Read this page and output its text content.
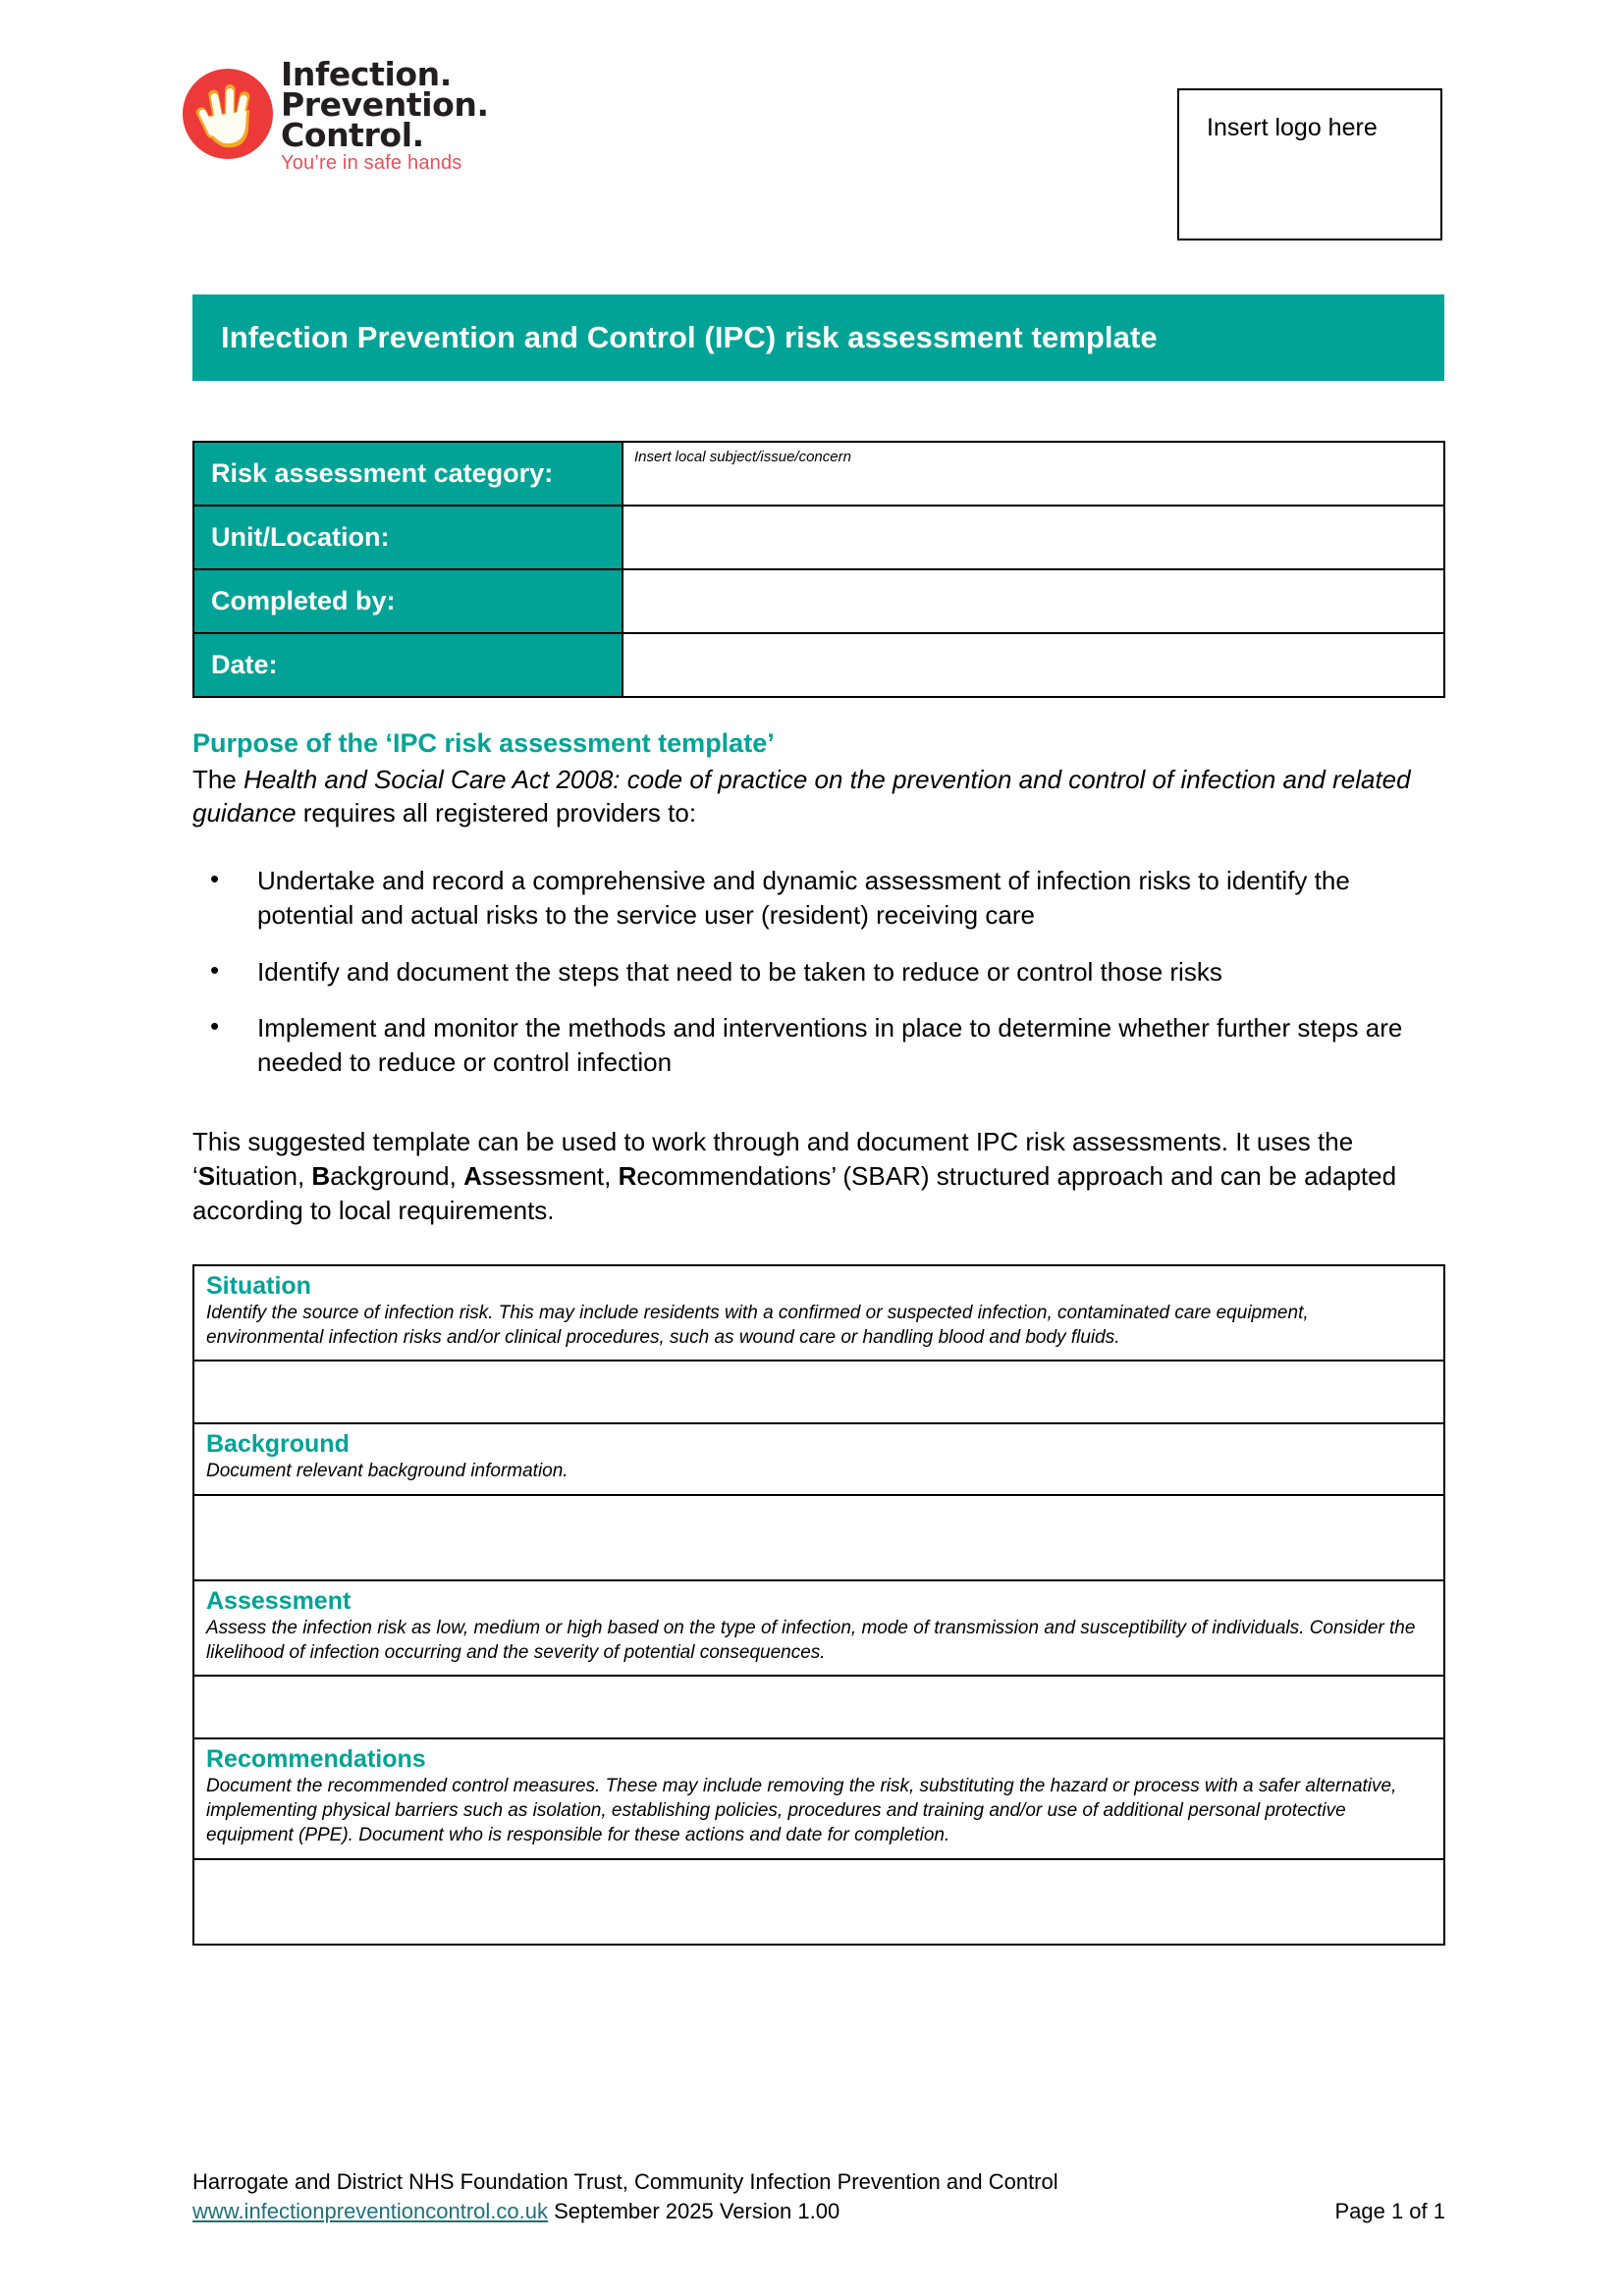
Infection.
Prevention.
Control.
You’re in safe hands
Insert logo here
Infection Prevention and Control (IPC) risk assessment template
Risk assessment category:	Insert local subject/issue/concern

Unit/Location:	

Completed by:	

Date:	

Purpose of the ‘IPC risk assessment template’

The Health and Social Care Act 2008: code of practice on the prevention and control of infection and related guidance requires all registered providers to:

• Undertake and record a comprehensive and dynamic assessment of infection risks to identify the potential and actual risks to the service user (resident) receiving care
• Identify and document the steps that need to be taken to reduce or control those risks
• Implement and monitor the methods and interventions in place to determine whether further steps are needed to reduce or control infection

This suggested template can be used to work through and document IPC risk assessments. It uses the ‘Situation, Background, Assessment, Recommendations’ (SBAR) structured approach and can be adapted according to local requirements.

Situation

Identify the source of infection risk. This may include residents with a confirmed or suspected infection, contaminated care equipment, environmental infection risks and/or clinical procedures, such as wound care or handling blood and body fluids.

Background

Document relevant background information.

Assessment

Assess the infection risk as low, medium or high based on the type of infection, mode of transmission and susceptibility of individuals. Consider the likelihood of infection occurring and the severity of potential consequences.

Recommendations

Document the recommended control measures. These may include removing the risk, substituting the hazard or process with a safer alternative, implementing physical barriers such as isolation, establishing policies, procedures and training and/or use of additional personal protective equipment (PPE). Document who is responsible for these actions and date for completion.

Harrogate and District NHS Foundation Trust, Community Infection Prevention and Control
www.infectionpreventioncontrol.co.uk September 2025 Version 1.00	Page 1 of 1
